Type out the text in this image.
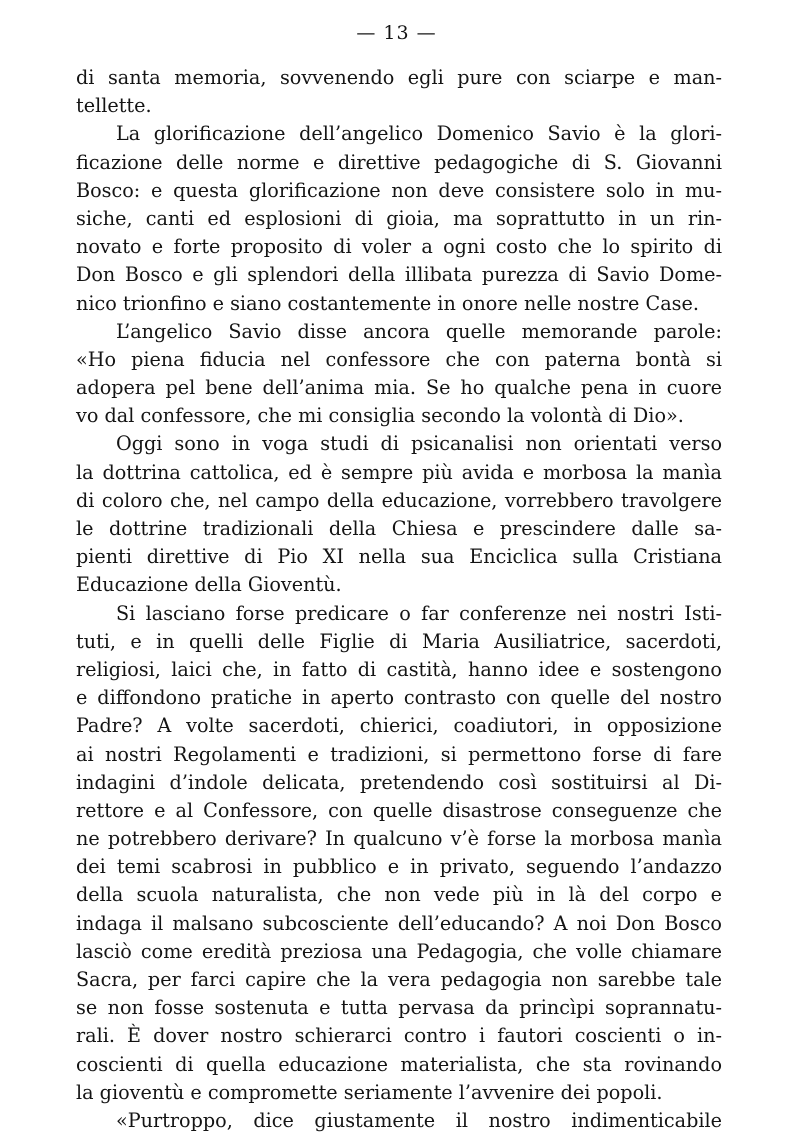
— 13 —
di santa memoria, sovvenendo egli pure con sciarpe e man-
tellette.
La glorificazione dell’angelico Domenico Savio è la glori-
ficazione delle norme e direttive pedagogiche di S. Giovanni
Bosco: e questa glorificazione non deve consistere solo in mu-
siche, canti ed esplosioni di gioia, ma soprattutto in un rin-
novato e forte proposito di voler a ogni costo che lo spirito di
Don Bosco e gli splendori della illibata purezza di Savio Dome-
nico trionfino e siano costantemente in onore nelle nostre Case.
L’angelico Savio disse ancora quelle memorande parole:
«Ho piena fiducia nel confessore che con paterna bontà si
adopera pel bene dell’anima mia. Se ho qualche pena in cuore
vo dal confessore, che mi consiglia secondo la volontà di Dio».
Oggi sono in voga studi di psicanalisi non orientati verso
la dottrina cattolica, ed è sempre più avida e morbosa la manìa
di coloro che, nel campo della educazione, vorrebbero travolgere
le dottrine tradizionali della Chiesa e prescindere dalle sa-
pienti direttive di Pio XI nella sua Enciclica sulla Cristiana
Educazione della Gioventù.
Si lasciano forse predicare o far conferenze nei nostri Isti-
tuti, e in quelli delle Figlie di Maria Ausiliatrice, sacerdoti,
religiosi, laici che, in fatto di castità, hanno idee e sostengono
e diffondono pratiche in aperto contrasto con quelle del nostro
Padre? A volte sacerdoti, chierici, coadiutori, in opposizione
ai nostri Regolamenti e tradizioni, si permettono forse di fare
indagini d’indole delicata, pretendendo così sostituirsi al Di-
rettore e al Confessore, con quelle disastrose conseguenze che
ne potrebbero derivare? In qualcuno v’è forse la morbosa manìa
dei temi scabrosi in pubblico e in privato, seguendo l’andazzo
della scuola naturalista, che non vede più in là del corpo e
indaga il malsano subcosciente dell’educando? A noi Don Bosco
lasciò come eredità preziosa una Pedagogia, che volle chiamare
Sacra, per farci capire che la vera pedagogia non sarebbe tale
se non fosse sostenuta e tutta pervasa da princìpi soprannatu-
rali. È dover nostro schierarci contro i fautori coscienti o in-
coscienti di quella educazione materialista, che sta rovinando
la gioventù e compromette seriamente l’avvenire dei popoli.
«Purtroppo, dice giustamente il nostro indimenticabile
